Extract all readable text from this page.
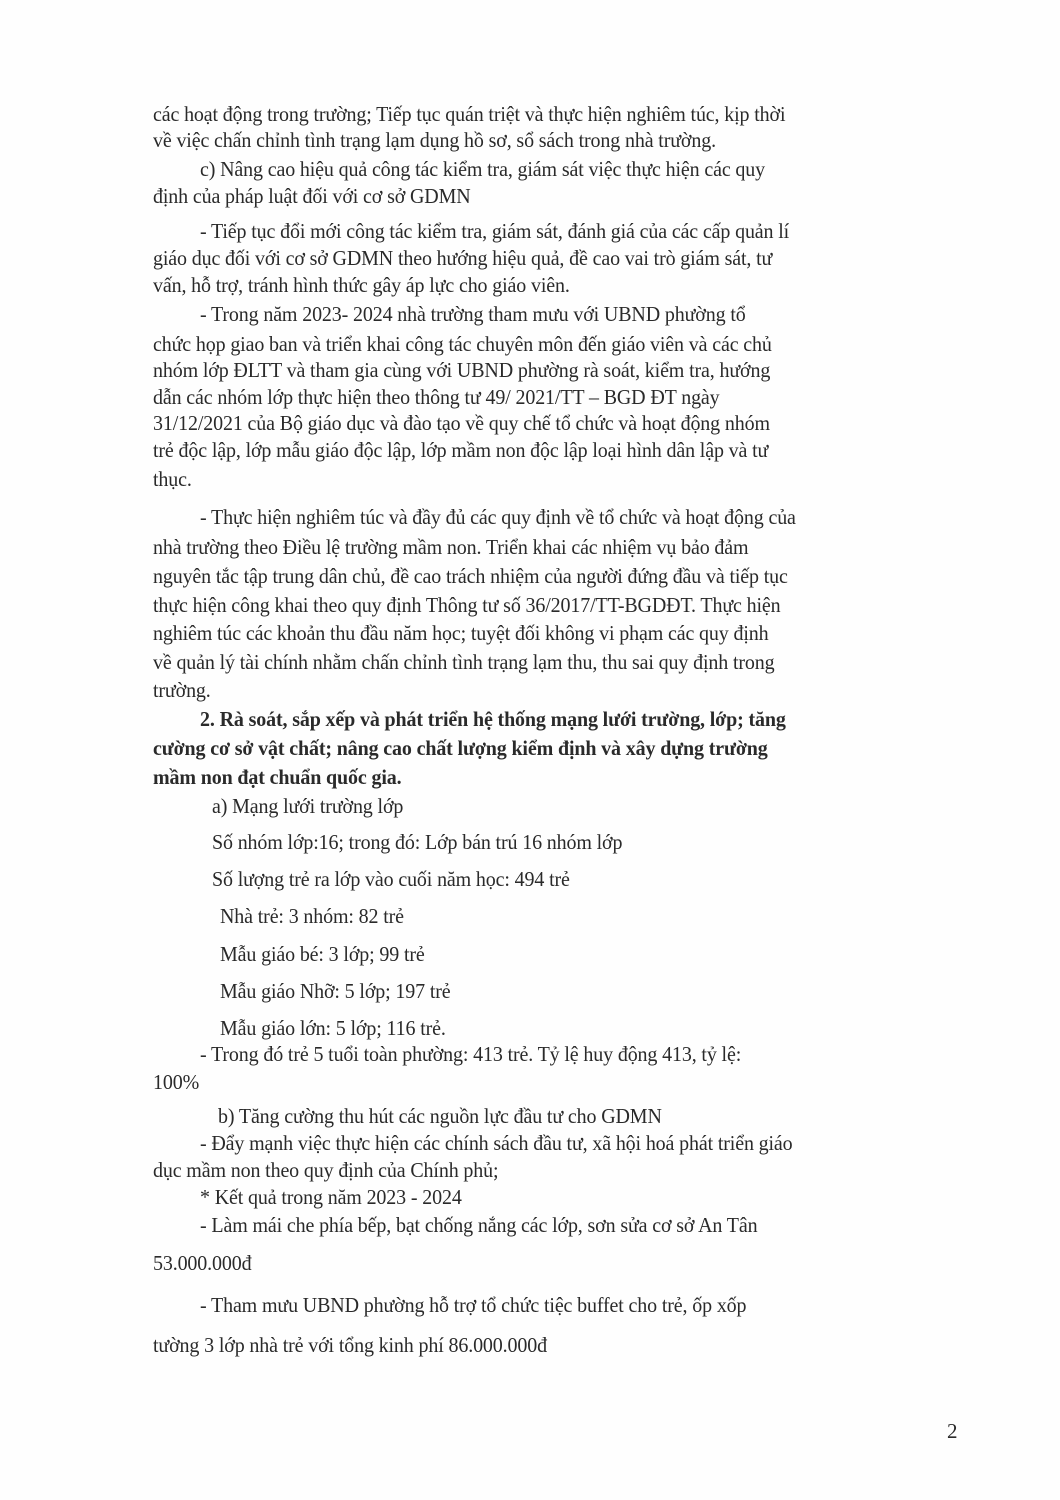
các hoạt động trong trường; Tiếp tục quán triệt và thực hiện nghiêm túc, kịp thời
về việc chấn chỉnh tình trạng lạm dụng hồ sơ, sổ sách trong nhà trường.
c) Nâng cao hiệu quả công tác kiểm tra, giám sát việc thực hiện các quy
định của pháp luật đối với cơ sở GDMN
- Tiếp tục đổi mới công tác kiểm tra, giám sát, đánh giá của các cấp quản lí
giáo dục đối với cơ sở GDMN theo hướng hiệu quả, đề cao vai trò giám sát, tư
vấn, hỗ trợ, tránh hình thức gây áp lực cho giáo viên.
- Trong năm 2023- 2024 nhà trường tham mưu với UBND phường tổ
chức họp giao ban và triển khai công tác chuyên môn đến giáo viên và các chủ
nhóm lớp ĐLTT và tham gia cùng với UBND phường rà soát, kiểm tra, hướng
dẫn các nhóm lớp thực hiện theo thông tư 49/ 2021/TT – BGD ĐT ngày
31/12/2021 của Bộ giáo dục và đào tạo về quy chế tổ chức và hoạt động nhóm
trẻ độc lập, lớp mẫu giáo độc lập, lớp mầm non độc lập loại hình dân lập và tư
thục.
- Thực hiện nghiêm túc và đầy đủ các quy định về tổ chức và hoạt động của
nhà trường theo Điều lệ trường mầm non. Triển khai các nhiệm vụ bảo đảm
nguyên tắc tập trung dân chủ, đề cao trách nhiệm của người đứng đầu và tiếp tục
thực hiện công khai theo quy định Thông tư số 36/2017/TT-BGDĐT. Thực hiện
nghiêm túc các khoản thu đầu năm học; tuyệt đối không vi phạm các quy định
về quản lý tài chính nhằm chấn chỉnh tình trạng lạm thu, thu sai quy định trong
trường.
2. Rà soát, sắp xếp và phát triển hệ thống mạng lưới trường, lớp; tăng
cường cơ sở vật chất; nâng cao chất lượng kiểm định và xây dựng trường
mầm non đạt chuẩn quốc gia.
a) Mạng lưới trường lớp
Số nhóm lớp:16; trong đó: Lớp bán trú 16 nhóm lớp
Số lượng trẻ ra lớp vào cuối năm học: 494 trẻ
Nhà trẻ: 3 nhóm: 82 trẻ
Mẫu giáo bé: 3 lớp; 99 trẻ
Mẫu giáo Nhỡ: 5 lớp; 197 trẻ
Mẫu giáo lớn: 5 lớp; 116 trẻ.
- Trong đó trẻ 5 tuổi toàn phường: 413 trẻ. Tỷ lệ huy động 413, tỷ lệ:
100%
b) Tăng cường thu hút các nguồn lực đầu tư cho GDMN
- Đẩy mạnh việc thực hiện các chính sách đầu tư, xã hội hoá phát triển giáo
dục mầm non theo quy định của Chính phủ;
* Kết quả trong năm 2023 - 2024
- Làm mái che phía bếp, bạt chống nắng các lớp, sơn sửa cơ sở An Tân
53.000.000đ
- Tham mưu UBND phường hỗ trợ tổ chức tiệc buffet cho trẻ, ốp xốp
tường 3 lớp nhà trẻ với tổng kinh phí 86.000.000đ
2
